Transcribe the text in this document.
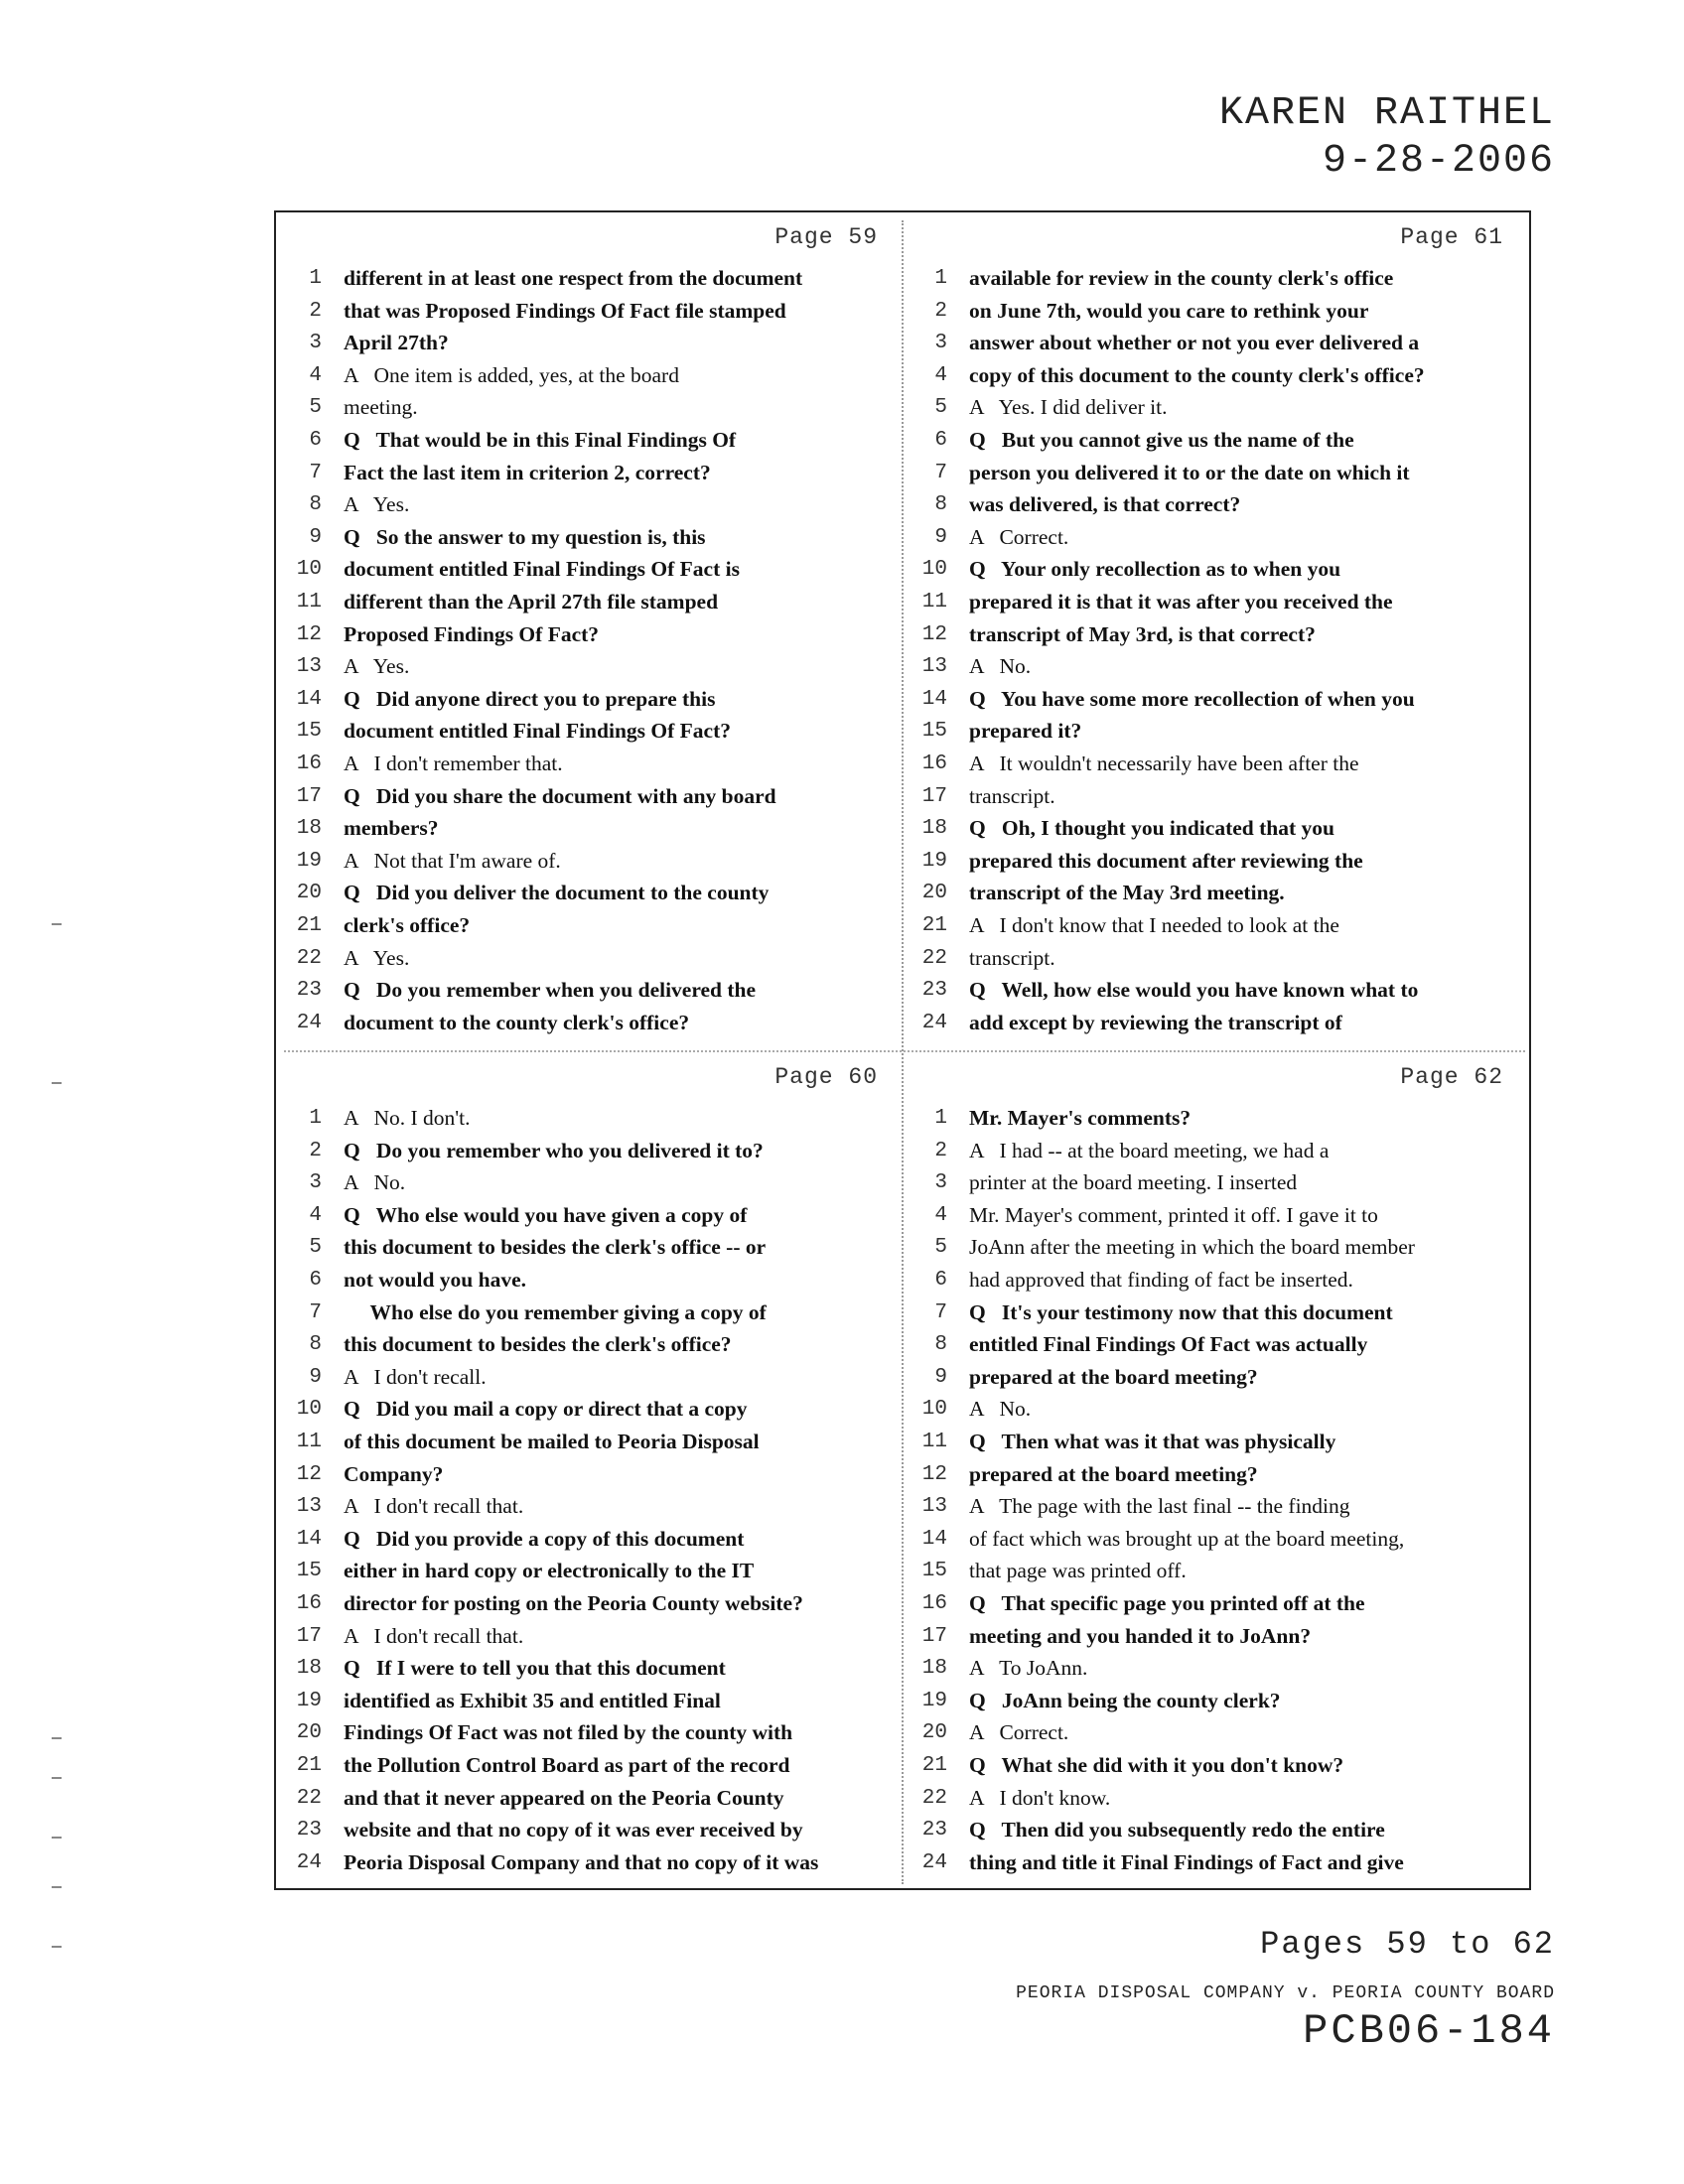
KAREN RAITHEL
9-28-2006
Page 59
1 different in at least one respect from the document
2 that was Proposed Findings Of Fact file stamped
3 April 27th?
4 A   One item is added, yes, at the board
5 meeting.
6 Q   That would be in this Final Findings Of
7 Fact the last item in criterion 2, correct?
8 A   Yes.
9 Q   So the answer to my question is, this
10 document entitled Final Findings Of Fact is
11 different than the April 27th file stamped
12 Proposed Findings Of Fact?
13 A   Yes.
14 Q   Did anyone direct you to prepare this
15 document entitled Final Findings Of Fact?
16 A   I don't remember that.
17 Q   Did you share the document with any board
18 members?
19 A   Not that I'm aware of.
20 Q   Did you deliver the document to the county
21 clerk's office?
22 A   Yes.
23 Q   Do you remember when you delivered the
24 document to the county clerk's office?
Page 61
1 available for review in the county clerk's office
2 on June 7th, would you care to rethink your
3 answer about whether or not you ever delivered a
4 copy of this document to the county clerk's office?
5 A   Yes. I did deliver it.
6 Q   But you cannot give us the name of the
7 person you delivered it to or the date on which it
8 was delivered, is that correct?
9 A   Correct.
10 Q   Your only recollection as to when you
11 prepared it is that it was after you received the
12 transcript of May 3rd, is that correct?
13 A   No.
14 Q   You have some more recollection of when you
15 prepared it?
16 A   It wouldn't necessarily have been after the
17 transcript.
18 Q   Oh, I thought you indicated that you
19 prepared this document after reviewing the
20 transcript of the May 3rd meeting.
21 A   I don't know that I needed to look at the
22 transcript.
23 Q   Well, how else would you have known what to
24 add except by reviewing the transcript of
Page 60
1 A   No. I don't.
2 Q   Do you remember who you delivered it to?
3 A   No.
4 Q   Who else would you have given a copy of
5 this document to besides the clerk's office -- or
6 not would you have.
7 Who else do you remember giving a copy of
8 this document to besides the clerk's office?
9 A   I don't recall.
10 Q   Did you mail a copy or direct that a copy
11 of this document be mailed to Peoria Disposal
12 Company?
13 A   I don't recall that.
14 Q   Did you provide a copy of this document
15 either in hard copy or electronically to the IT
16 director for posting on the Peoria County website?
17 A   I don't recall that.
18 Q   If I were to tell you that this document
19 identified as Exhibit 35 and entitled Final
20 Findings Of Fact was not filed by the county with
21 the Pollution Control Board as part of the record
22 and that it never appeared on the Peoria County
23 website and that no copy of it was ever received by
24 Peoria Disposal Company and that no copy of it was
Page 62
1 Mr. Mayer's comments?
2 A   I had -- at the board meeting, we had a
3 printer at the board meeting. I inserted
4 Mr. Mayer's comment, printed it off. I gave it to
5 JoAnn after the meeting in which the board member
6 had approved that finding of fact be inserted.
7 Q   It's your testimony now that this document
8 entitled Final Findings Of Fact was actually
9 prepared at the board meeting?
10 A   No.
11 Q   Then what was it that was physically
12 prepared at the board meeting?
13 A   The page with the last final -- the finding
14 of fact which was brought up at the board meeting,
15 that page was printed off.
16 Q   That specific page you printed off at the
17 meeting and you handed it to JoAnn?
18 A   To JoAnn.
19 Q   JoAnn being the county clerk?
20 A   Correct.
21 Q   What she did with it you don't know?
22 A   I don't know.
23 Q   Then did you subsequently redo the entire
24 thing and title it Final Findings of Fact and give
Pages 59 to 62
PEORIA DISPOSAL COMPANY v. PEORIA COUNTY BOARD
PCB06-184
